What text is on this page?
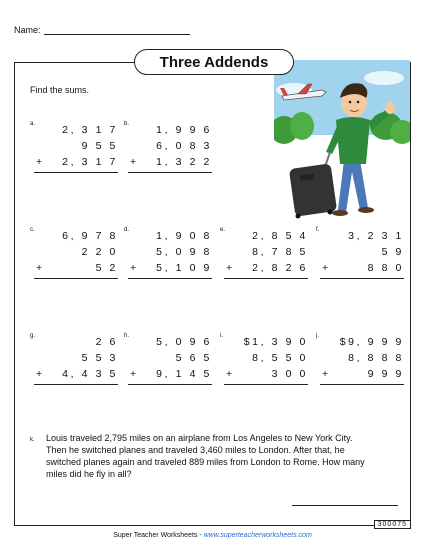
Name:
Three Addends
Find the sums.
a.	2, 3 1 7
9 5 5
+ 2, 3 1 7
b.	1, 9 9 6
6, 0 8 3
+ 1, 3 2 2
c.	6, 9 7 8
2 2 0
+	5 2
d.	1, 9 0 8
5, 0 9 8
+ 5, 1 0 9
e.	2, 8 5 4
8, 7 8 5
+ 2, 8 2 6
f.	3, 2 3 1
5 9
+	8 8 0
g.	2 6
5 5 3
+ 4, 4 3 5
h.	5, 0 9 6
5 6 5
+ 9, 1 4 5
i. $1, 3 9 0
8, 5 5 0
+	3 0 0
j. $9, 9 9 9
8, 8 8 8
+	9 9 9
k. Louis traveled 2,795 miles on an airplane from Los Angeles to New York City. Then he switched planes and traveled 3,460 miles to London. After that, he switched planes again and traveled 889 miles from London to Rome. How many miles did he fly in all?
300075
Super Teacher Worksheets - www.superteacherworksheets.com
